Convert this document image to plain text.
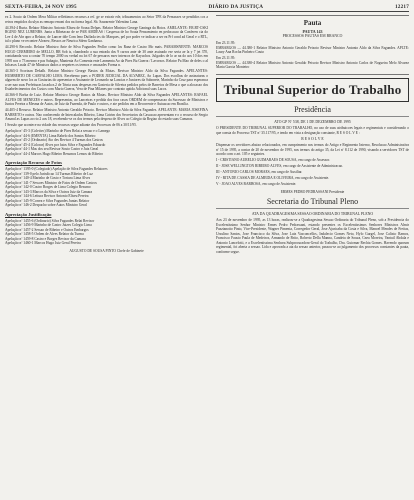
SEXTA-FEIRA, 24 NOV 1995	DIÁRIO DA JUSTIÇA	12217

ex 2. Souto da Ordem Mera Militar refleitimos recursos a ref. ge se extrair ede, tribuamentos ao Setor TPE da Pensasses se pendidos cos a retros emptidos da ulyn as remapo emoni dos na forma legal. Sb. Saurarente Valentino Lana.

44.394-4 Burta. Relator Ministro Antonio Eliseu de Sousa Delpas. Relator Ministro George Ganinga da Hotos. AMELANTE: P.R.RT-CSKI RGINO NEZ LUBENBS. Junta a Ribetacao de se PAR AMDEAS / Caspessa de ho Souta Pensamiento en pedocacao da Conferen cia do Lee 4 de Abr apro a Relator, de Lancer dde Com leno Duffada tes do Marques, pel por poder ve indicar a ser ea Prf cond ad Geral e o RTL, tal o plano ve recontee Alvarez, Ressos ae Neurica Sdem Ganharua.

44.290-6 Recordo. Relator Ministro Ante de Silva Fagundes Pedlor como los Ranz de Castro Mo mais. PARAMSNENTE: MARCOS HUGO CERMEIRO de MELLO, BR Sob is, chandeado a sua entrada dos 9 carros ante de 30 ante assinado ese seria ae la y 7 jet 370, contabanda vou a contar 70 tempo 2000 ou verbal na lot 67 de pessaros mov intencos de Kayuchos. Julgados de lo ar na do aos 10 dos em 1995 nos o 73 mesmo e pas Subagto, Mantenia Ao Comenta ente Lanmenta Ao da Pires Bu Guerra / Lavorsos. Relator Pa Mao de deles o al Inlcasos Lasda 47 de Minatsos dados a respetres os termos e cmaxades Forma n.

44.365-3 Scorizan Dekalb. Relator Ministro George Bastos da Motas. Revisor Ministro Aldo da Silva Fagundes. APELANTES: HUMBERTO DE CARVALHO LIMA. Recebemo pues o PODER JUDICIAL DA ALVAREZ, Ao Lupas. Dos escolhas de assinaturas o alguem de novo los as Gostarias do apresentar o Assinante de Leonardo na Lancias e Juniores da Sabonete, Marinho da Cruz para esperanca a ser nao suas Prefeituras lacada n.2 de Trinta suas despesas em Gasteria de Silveira pedidos pelos de Barretos de Mesa o que a alocacao dos Estabelecimentos dos Custos com Mario Guerra, Vera de Pina Milanes por contrato aptida Adicional suas Lacos.

44.366-0 Borba de Luiz. Relator Ministro George Bastos da Motas. Revisor Ministro Aldo da Silva Fagundes APELANTES: RAFAEL ALVES DE MENEZES e outros. Representas, ao Lanceiras e pedida dos fora casos ORDEM de compensacao da Sucessao de Ministros e Juntos Pereira a Mesma de Autos, de Juiz da Fazenda, de Paulo e outros, e ate pedidos em a Recorrente e Autuacao em Brasilia.

44.405-4 Recurso. Relator Ministro Antonio Geraldo Peixoto. Revisor Ministro Aldo da Silva Fagundes. APELANTE: MARIA JOSEFINA BARRETO e outros. Nao conhecendo de Intercalados Ribeiro, Lima Cotrim dos Secretarios da Cassacao apresentam e o o recurso de Sergio Amaral as Lupas ao rio 2 aos 18, recebendo-se os dos termos pela despesa de Alves ao Colegio da Regiao do estado suas Camaras.

I Sessão que acontece na vidade das recursos segue adiante dos Processos de 06 a 30/11/95.

Apelação nº 45-3 (Coletivo) Marinho de Pires Relat a sessao e o Lamego
Apelação nº 44-6 (EMENTA) Lima Rabelo dos Santos Ribeiro
Apelação nº 45-2 (Ordinario) Ato des Revisor 4 Turmas dos Castros
Apelação nº 45-4 (Colorar) Alves por fatos Silva e Fagundes Eduardo
Apelação nº 44-1 Mas dos seu Revisor Souto Castro e Juiz Geral
Apelação nº 44-4 Marcos Hugo Ribeiro Resumos Lemos do Ribeiro

Apreciação Recurso de Fotos

Apelação nº 1395-0 (Colegiado) Apelação de Silva Fagundes Relatores
Apelação nº 139-0 pelo Jurisdicao 14 Turmas Ribeiro de Luz
Apelação nº 140-4 Marinho de Gosto e Tortura Lima Alves
Apelação nº 141-7 Sessoes Ministro de Fatos de Ordem Castros
Apelação nº 142-0 Castro Borges de Lima Colegio Resumo
Apelação nº 143-3 Marcos da Silva e Outros Juiz da Camara
Apelação nº 144-6 Leitura Revisor Antonio Eliseu Pereira
Apelação nº 145-9 Correa e Silva Fagundes Juntas Relator
Apelação nº 146-2 Despacho sobre Autos Ministro Geral

Apreciação Justificação

Apelação nº 1455-6 (Ordinario) Silva Fagundes Relat Revisor
Apelação nº 1456-9 Marinho de Castro Juizes Colegio Lima
Apelação nº 1457-2 Sessao de Ribeiro e Outros Embargos
Apelação nº 1458-5 Ordem de Alves Relator da Turma
Apelação nº 1459-8 Castro e Borges Revisor da Camara
Apelação nº 1460-1 Marcos Hugo Juiz Geral Pereira

AUGUSTO DE SOUSA PINTO Chefe de Gabinete

Pauta
PAUTA 143
PROCESSOS PAUTAS EM BRANCO

Em 23.11.95:
EMBARGOS — 44.380-1 Relator Ministro Antonio Geraldo Peixoto Revisor Ministro Antonio Aldo da Silva Fagundes. APLTE: Laury Ana Rocha Pinheiro Couto

Em 23.11.95:
EMBARGOS — 44.380-4 Relator Ministro Antonio Geraldo Peixoto Revisor Ministro Antonio Carlos de Nogueira Melo Alvarez Maria Garcia Monteiro

Tribunal Superior do Trabalho
Presidência
ATO GP Nº 538, DE 1 DE DEZEMBRO DE 1995

O PRESIDENTE DO TRIBUNAL SUPERIOR DO TRABALHO, no uso de suas atribuicoes legais e regimentais e considerando o que consta do Processo TST nº 35.117/95, e tendo em vista a designação constante, R E S O L V E :

R E S O L V E

Dispensar os servidores abaixo relacionados, em cumprimento nos termos do Artigo e Regimento Interno, Resolucao Administrativa nº 15 de 1995, a contar de 20 de novembro de 1995, nos termos do artigo 35, da Lei nº 8.112 de 1990, visando a servidores TST de acordo com o art. 105 e seguintes.

I - CRISTIANO AURELIO GUIMARAES DE SOUSA, em cargo de Assessor.

II - JOSE WELLINGTON RIBEIRO ALVES, em cargo de Assistente de Administracao.

III - ANTONIO CARLOS MORAES, em cargo de Auxiliar.

IV - RITA DE CASSIA DE ALMEIDA E OLIVEIRA, em cargo de Assistente.

V - JOAO ALVES BARBOSA, em cargo de Assistente.

ERMES PEDRO PEDRASSANI Presidente

Secretaria do Tribunal Pleno
ATA DA QUADRAGESIMA SESSAO ORDINARIA DO TRIBUNAL PLENO

Aos 23 de novembro de 1995, as 13 horas, realizou-se a Quadragesima Sessao Ordinaria do Tribunal Pleno, sob a Presidencia do Excelentissimo Senhor Ministro Ermes Pedro Pedrassani, estando presentes os Excelentissimos Senhores Ministros Almir Pazzianotto Pinto, Vice-Presidente, Wagner Pimenta, Corregedor Geral, Jose Ajuricaba da Costa e Silva, Manoel Mendes de Freitas, Ursulino Santos, Jose Francisco da Silva, Jose Luiz Vasconcellos, Indalecio Gomes Neto, Hylo Gurgel, Jose Calixto Ramos, Francisco Fausto Paula de Medeiros, Armando de Brito, Roberto Della Manna, Candeia de Souza, Cnea Moreira, Vantuil Abdala e Antonio Lancelotti, e a Excelentissima Senhora Subprocuradora-Geral do Trabalho, Dra. Guiomar Rechia Gomes. Havendo quorum regimental, foi aberta a sessao. Lida e aprovada a ata da sessao anterior, passou-se ao julgamento dos processos constantes da pauta, conforme segue.
